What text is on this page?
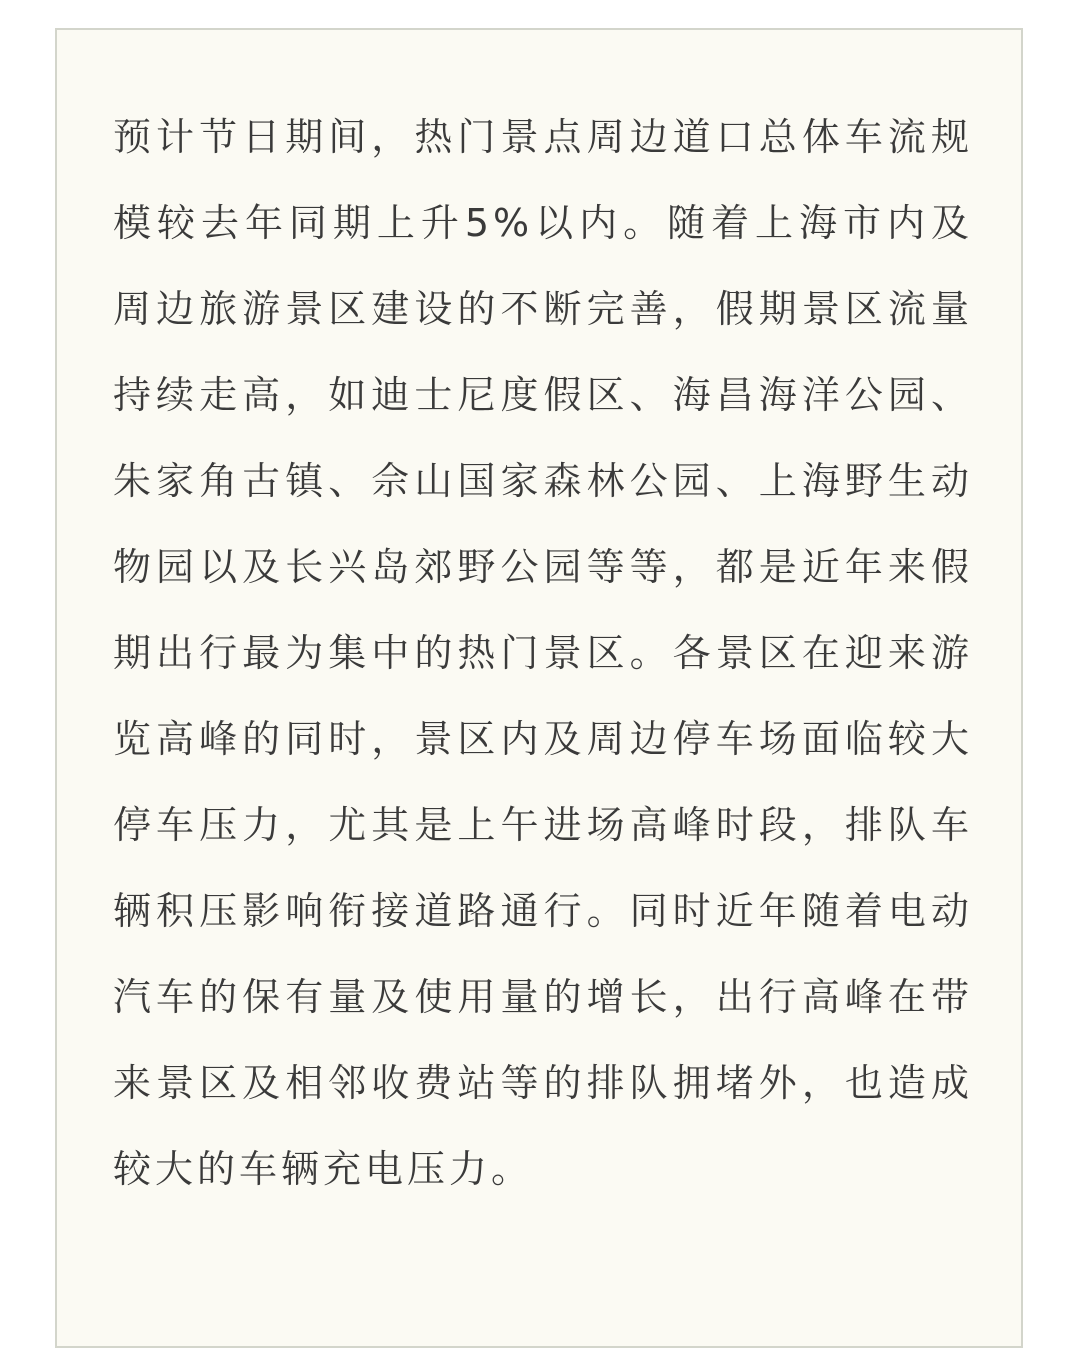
预计节日期间，热门景点周边道口总体车流规模较去年同期上升5%以内。随着上海市内及周边旅游景区建设的不断完善，假期景区流量持续走高，如迪士尼度假区、海昌海洋公园、朱家角古镇、佘山国家森林公园、上海野生动物园以及长兴岛郊野公园等等，都是近年来假期出行最为集中的热门景区。各景区在迎来游览高峰的同时，景区内及周边停车场面临较大停车压力，尤其是上午进场高峰时段，排队车辆积压影响衔接道路通行。同时近年随着电动汽车的保有量及使用量的增长，出行高峰在带来景区及相邻收费站等的排队拥堵外，也造成较大的车辆充电压力。
